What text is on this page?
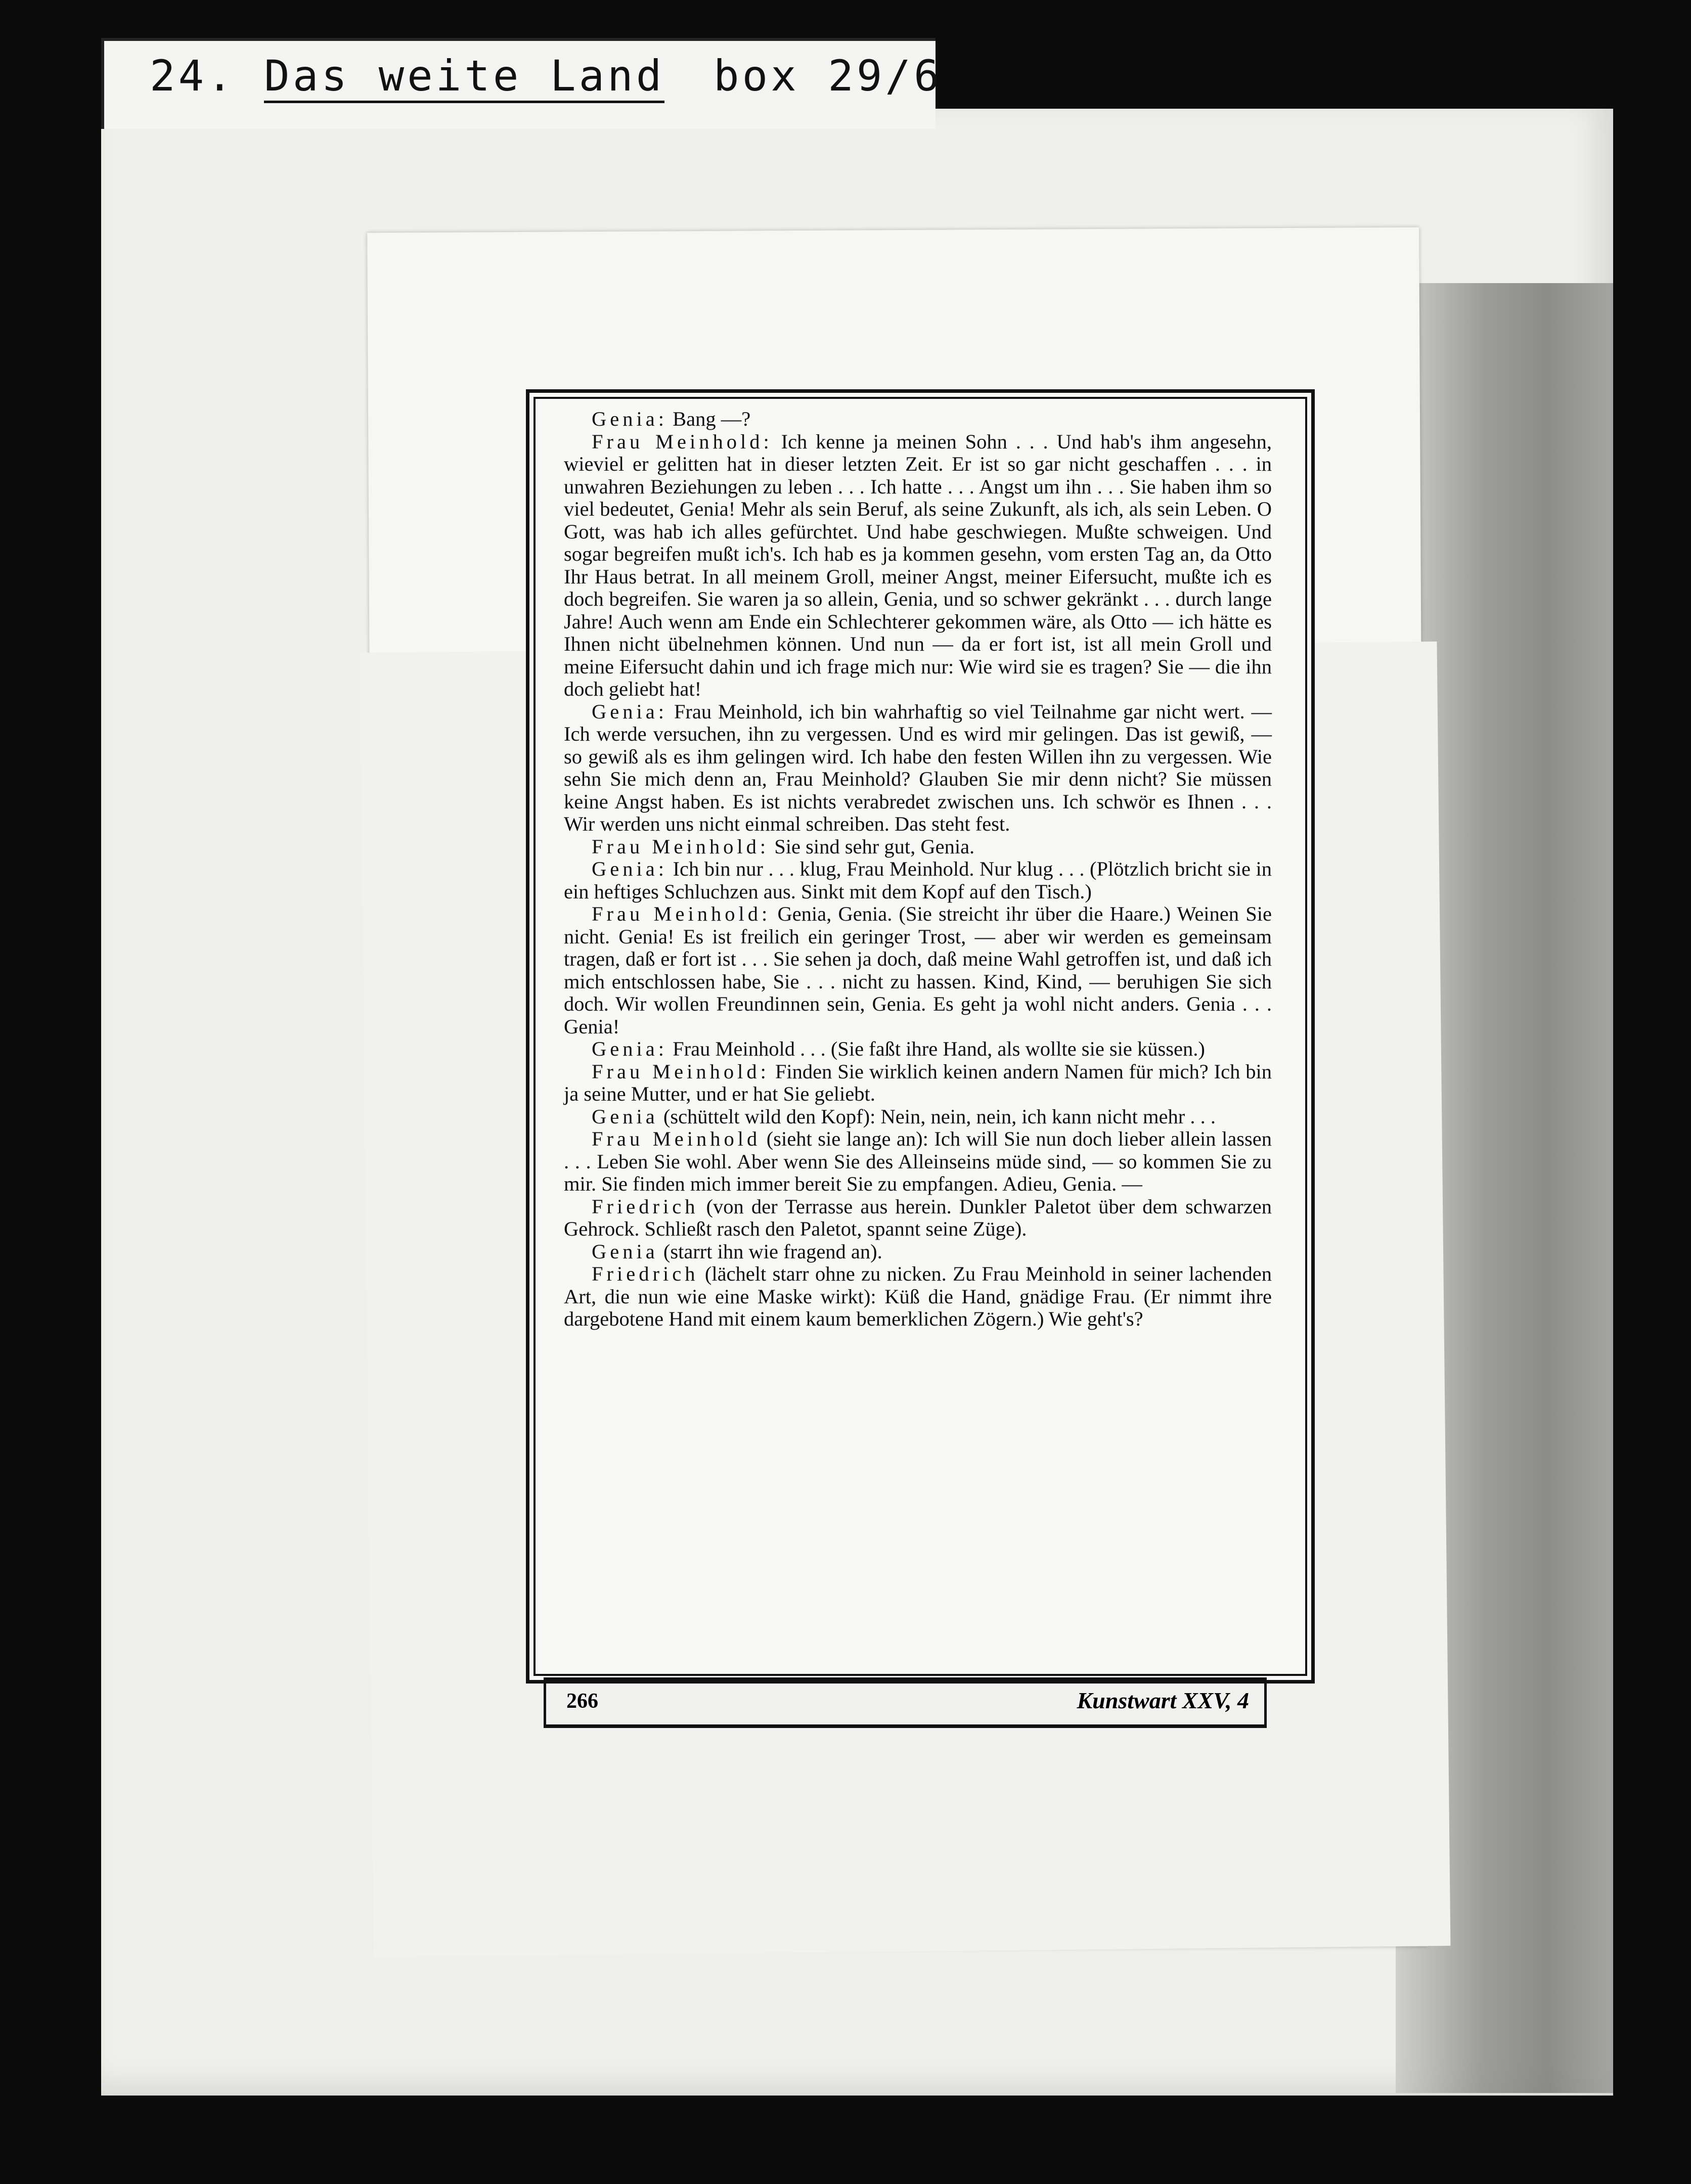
24. Das weite Land box 29/6

Genia: Bang —?

Frau Meinhold: Ich kenne ja meinen Sohn . . . Und hab's ihm angesehn, wieviel er gelitten hat in dieser letzten Zeit. Er ist so gar nicht geschaffen . . . in unwahren Beziehungen zu leben . . . Ich hatte . . . Angst um ihn . . . Sie haben ihm so viel bedeutet, Genia! Mehr als sein Beruf, als seine Zukunft, als ich, als sein Leben. O Gott, was hab ich alles gefürchtet. Und habe geschwiegen. Mußte schweigen. Und sogar begreifen mußt ich's. Ich hab es ja kommen gesehn, vom ersten Tag an, da Otto Ihr Haus betrat. In all meinem Groll, meiner Angst, meiner Eifersucht, mußte ich es doch begreifen. Sie waren ja so allein, Genia, und so schwer gekränkt . . . durch lange Jahre! Auch wenn am Ende ein Schlechterer gekommen wäre, als Otto — ich hätte es Ihnen nicht übelnehmen können. Und nun — da er fort ist, ist all mein Groll und meine Eifersucht dahin und ich frage mich nur: Wie wird sie es tragen? Sie — die ihn doch geliebt hat!

Genia: Frau Meinhold, ich bin wahrhaftig so viel Teilnahme gar nicht wert. — Ich werde versuchen, ihn zu vergessen. Und es wird mir gelingen. Das ist gewiß, — so gewiß als es ihm gelingen wird. Ich habe den festen Willen ihn zu vergessen. Wie sehn Sie mich denn an, Frau Meinhold? Glauben Sie mir denn nicht? Sie müssen keine Angst haben. Es ist nichts verabredet zwischen uns. Ich schwör es Ihnen . . . Wir werden uns nicht einmal schreiben. Das steht fest.

Frau Meinhold: Sie sind sehr gut, Genia.

Genia: Ich bin nur . . . klug, Frau Meinhold. Nur klug . . . (Plötzlich bricht sie in ein heftiges Schluchzen aus. Sinkt mit dem Kopf auf den Tisch.)

Frau Meinhold: Genia, Genia. (Sie streicht ihr über die Haare.) Weinen Sie nicht. Genia! Es ist freilich ein geringer Trost, — aber wir werden es gemeinsam tragen, daß er fort ist . . . Sie sehen ja doch, daß meine Wahl getroffen ist, und daß ich mich entschlossen habe, Sie . . . nicht zu hassen. Kind, Kind, — beruhigen Sie sich doch. Wir wollen Freundinnen sein, Genia. Es geht ja wohl nicht anders. Genia . . . Genia!

Genia: Frau Meinhold . . . (Sie faßt ihre Hand, als wollte sie sie küssen.)

Frau Meinhold: Finden Sie wirklich keinen andern Namen für mich? Ich bin ja seine Mutter, und er hat Sie geliebt.

Genia (schüttelt wild den Kopf): Nein, nein, nein, ich kann nicht mehr . . .

Frau Meinhold (sieht sie lange an): Ich will Sie nun doch lieber allein lassen . . . Leben Sie wohl. Aber wenn Sie des Alleinseins müde sind, — so kommen Sie zu mir. Sie finden mich immer bereit Sie zu empfangen. Adieu, Genia. —

Friedrich (von der Terrasse aus herein. Dunkler Paletot über dem schwarzen Gehrock. Schließt rasch den Paletot, spannt seine Züge).

Genia (starrt ihn wie fragend an).

Friedrich (lächelt starr ohne zu nicken. Zu Frau Meinhold in seiner lachenden Art, die nun wie eine Maske wirkt): Küß die Hand, gnädige Frau. (Er nimmt ihre dargebotene Hand mit einem kaum bemerklichen Zögern.) Wie geht's?

266	Kunstwart XXV, 4
